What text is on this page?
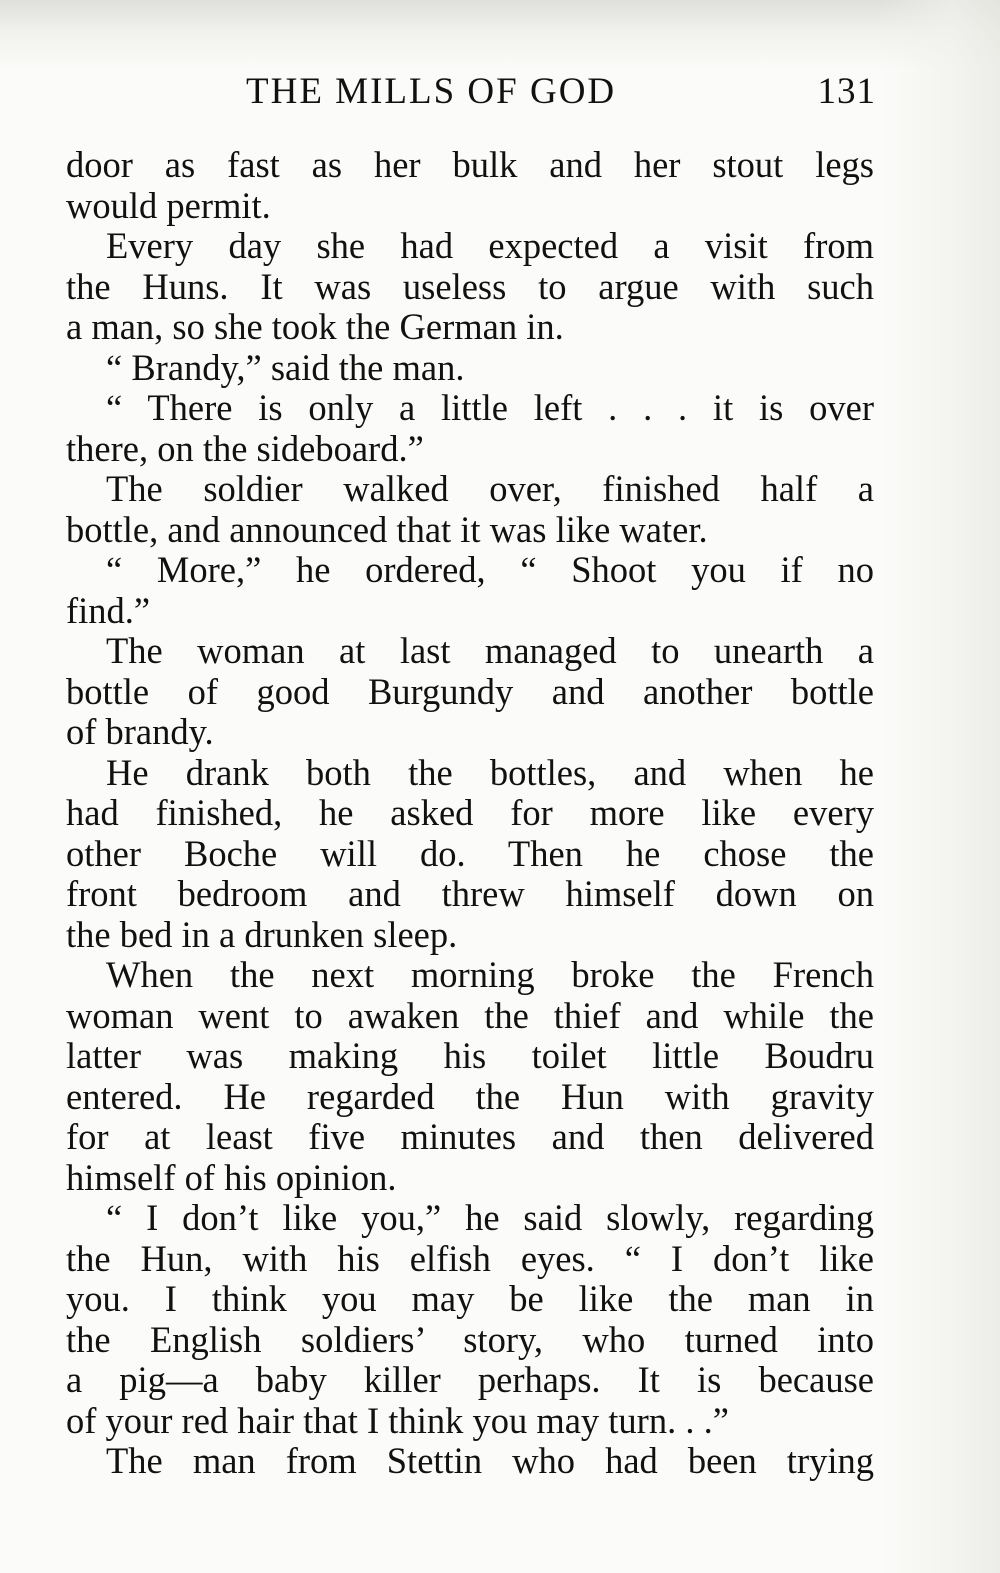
THE MILLS OF GOD	131
door as fast as her bulk and her stout legs
would permit.
Every day she had expected a visit from
the Huns. It was useless to argue with such
a man, so she took the German in.
“ Brandy,” said the man.
“ There is only a little left . . . it is over
there, on the sideboard.”
The soldier walked over, finished half a
bottle, and announced that it was like water.
“ More,” he ordered, “ Shoot you if no
find.”
The woman at last managed to unearth a
bottle of good Burgundy and another bottle
of brandy.
He drank both the bottles, and when he
had finished, he asked for more like every
other Boche will do. Then he chose the
front bedroom and threw himself down on
the bed in a drunken sleep.
When the next morning broke the French
woman went to awaken the thief and while the
latter was making his toilet little Boudru
entered. He regarded the Hun with gravity
for at least five minutes and then delivered
himself of his opinion.
“ I don’t like you,” he said slowly, regarding
the Hun, with his elfish eyes. “ I don’t like
you. I think you may be like the man in
the English soldiers’ story, who turned into
a pig—a baby killer perhaps. It is because
of your red hair that I think you may turn. . .”
The man from Stettin who had been trying
